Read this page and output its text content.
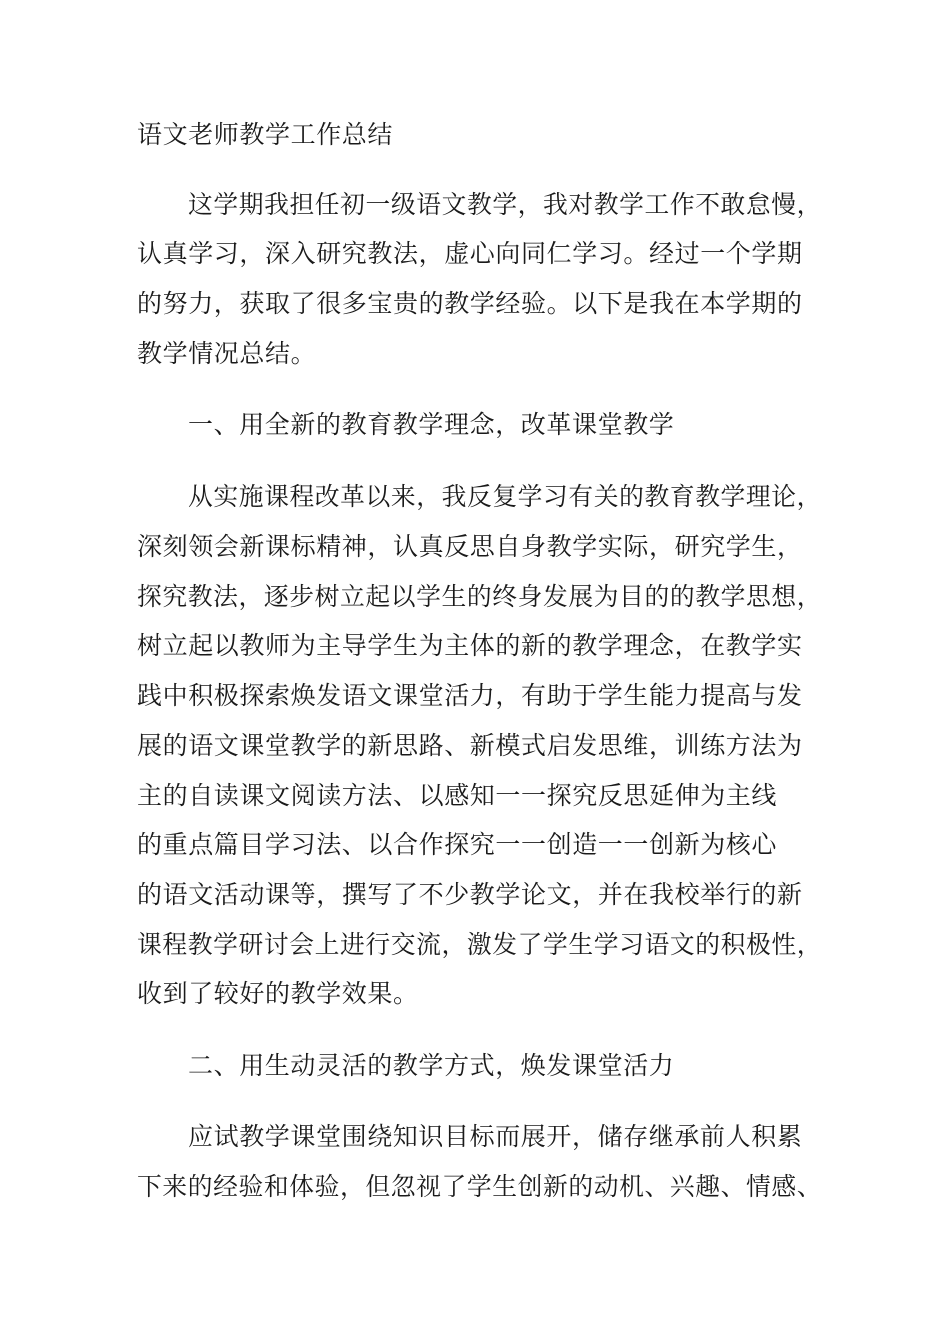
语文老师教学工作总结
这学期我担任初一级语文教学，我对教学工作不敢怠慢，
认真学习，深入研究教法，虚心向同仁学习。经过一个学期
的努力，获取了很多宝贵的教学经验。以下是我在本学期的
教学情况总结。
一、用全新的教育教学理念，改革课堂教学
从实施课程改革以来，我反复学习有关的教育教学理论，
深刻领会新课标精神，认真反思自身教学实际，研究学生，
探究教法，逐步树立起以学生的终身发展为目的的教学思想，
树立起以教师为主导学生为主体的新的教学理念，在教学实
践中积极探索焕发语文课堂活力，有助于学生能力提高与发
展的语文课堂教学的新思路、新模式启发思维，训练方法为
主的自读课文阅读方法、以感知一一探究反思延伸为主线
的重点篇目学习法、以合作探究一一创造一一创新为核心
的语文活动课等，撰写了不少教学论文，并在我校举行的新
课程教学研讨会上进行交流，激发了学生学习语文的积极性，
收到了较好的教学效果。
二、用生动灵活的教学方式，焕发课堂活力
应试教学课堂围绕知识目标而展开，储存继承前人积累
下来的经验和体验，但忽视了学生创新的动机、兴趣、情感、
